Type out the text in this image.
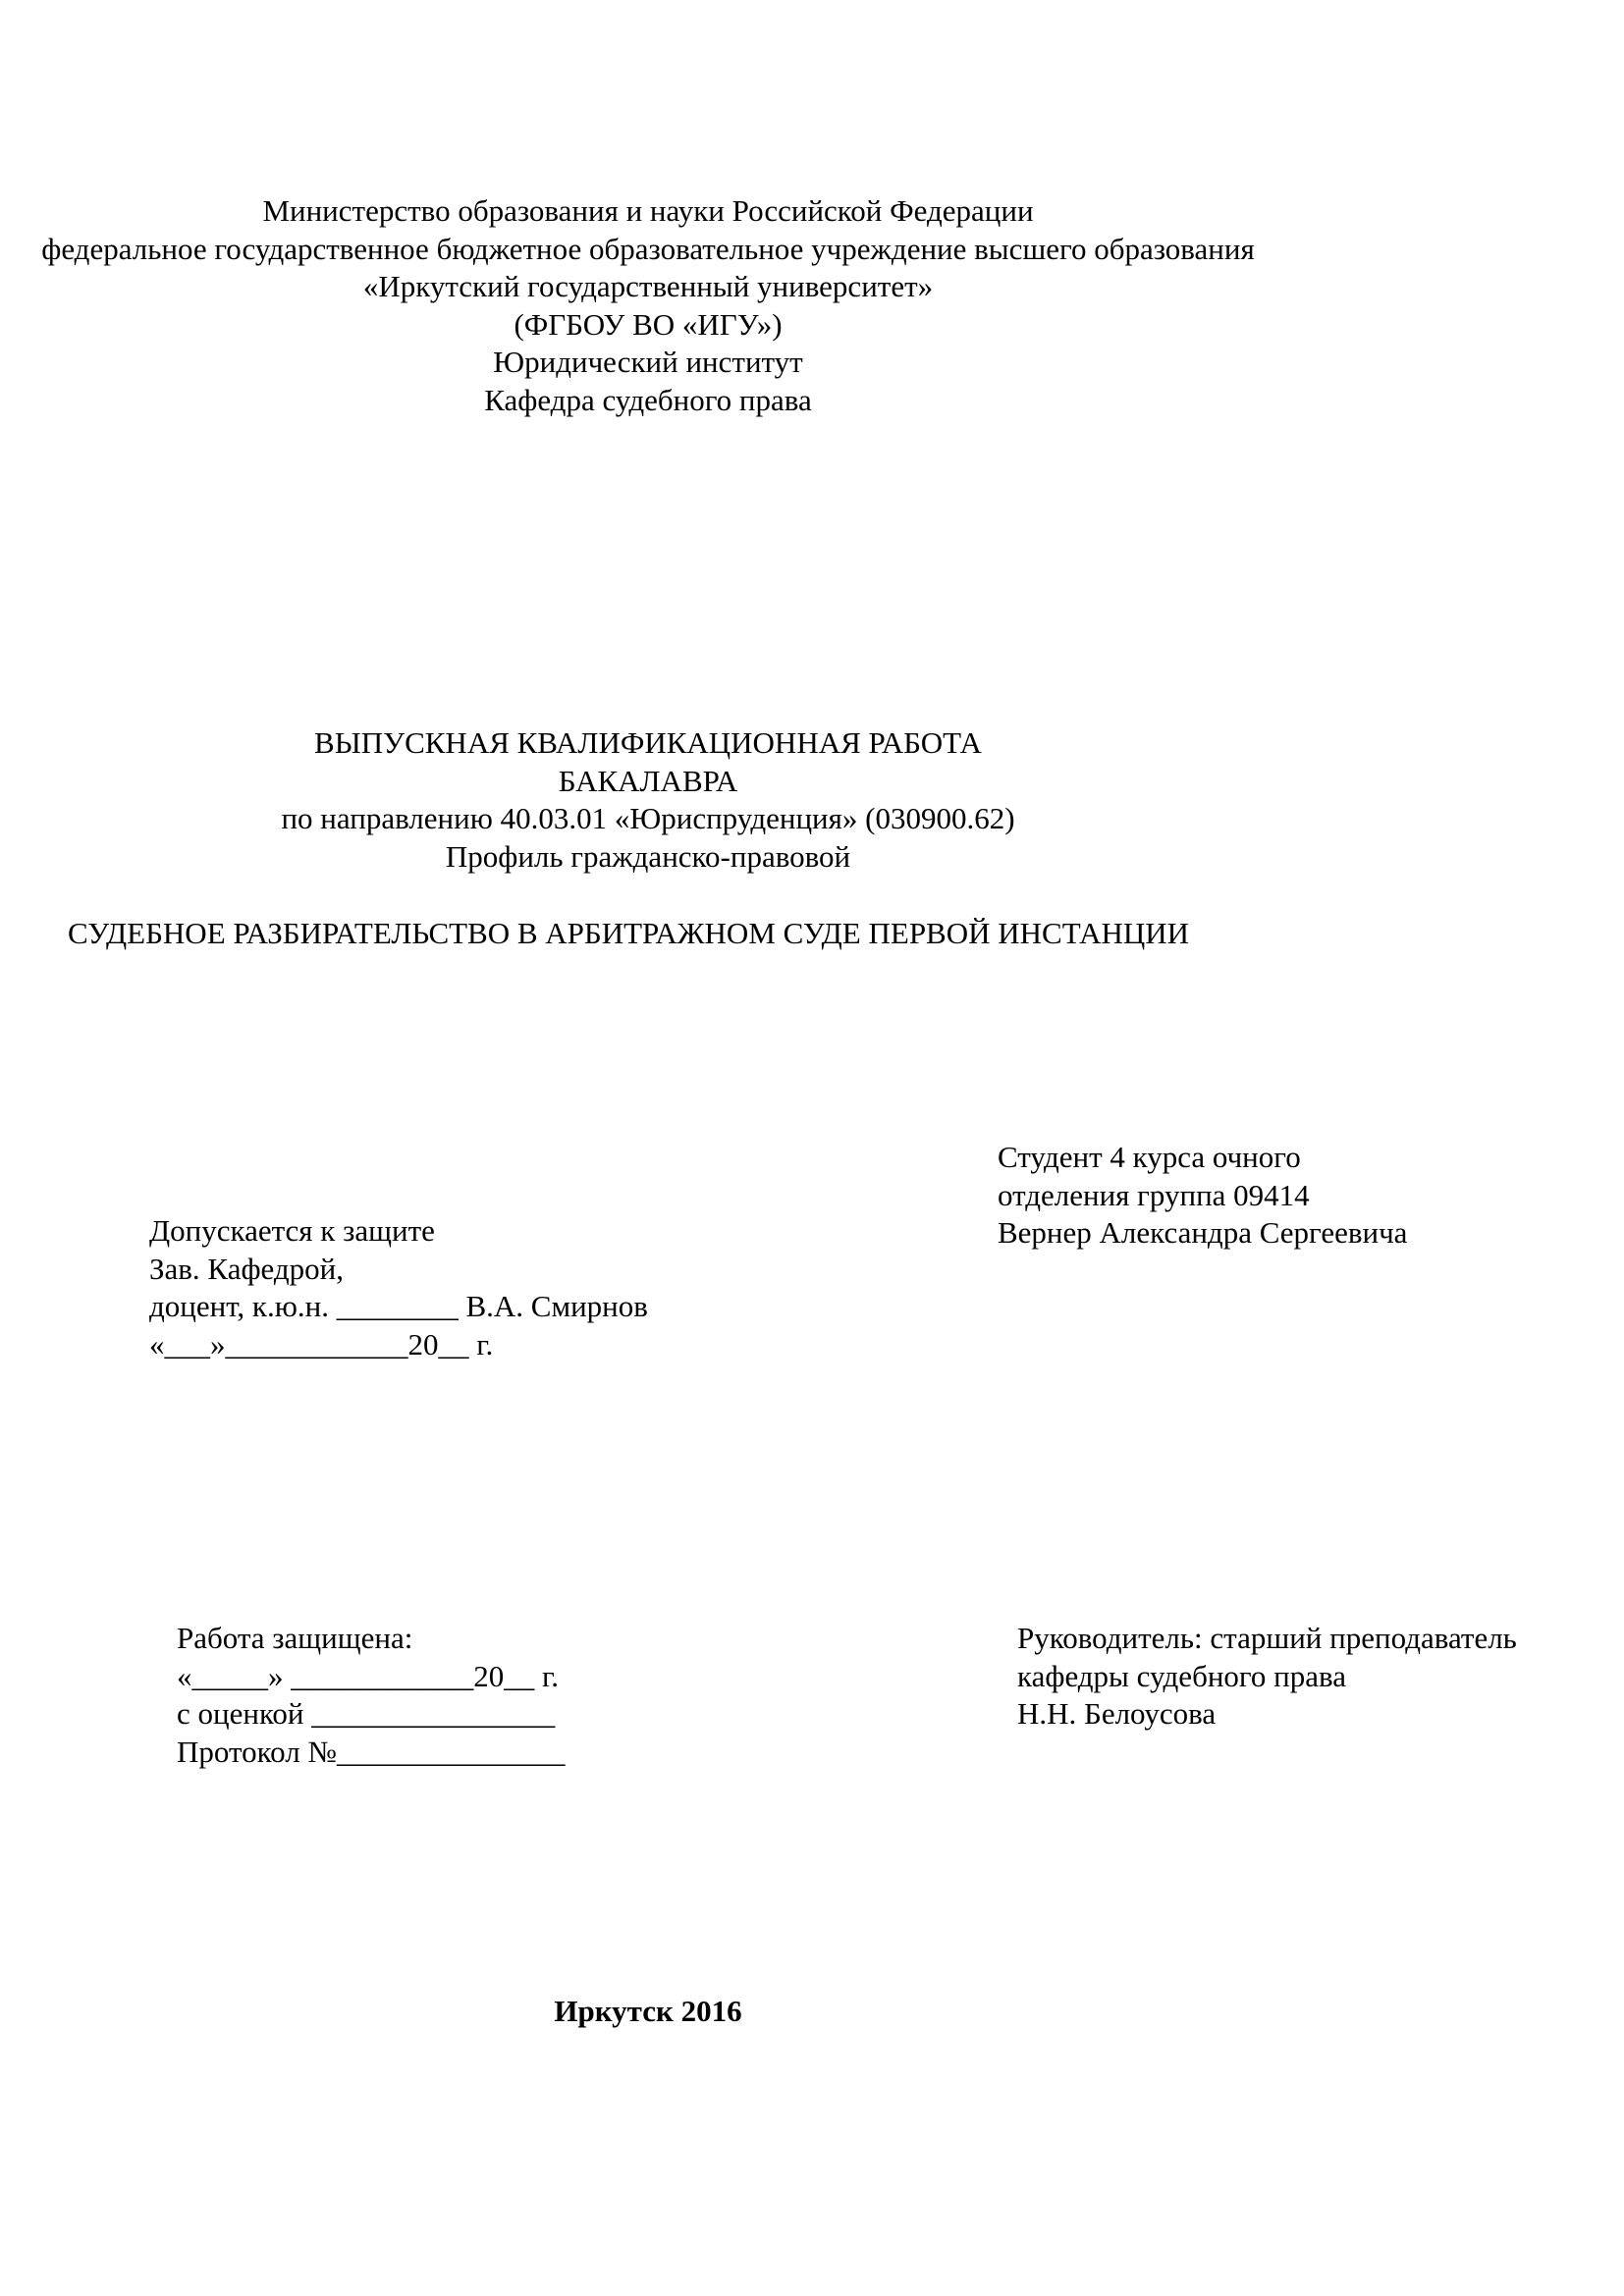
Министерство образования и науки Российской Федерации
федеральное государственное бюджетное образовательное учреждение высшего образования
«Иркутский государственный университет»
(ФГБОУ ВО «ИГУ»)
Юридический институт
Кафедра судебного права
ВЫПУСКНАЯ КВАЛИФИКАЦИОННАЯ РАБОТА
БАКАЛАВРА
по направлению 40.03.01 «Юриспруденция» (030900.62)
Профиль гражданско-правовой
СУДЕБНОЕ РАЗБИРАТЕЛЬСТВО В АРБИТРАЖНОМ СУДЕ ПЕРВОЙ ИНСТАНЦИИ
Студент 4 курса очного
отделения группа 09414
Вернер Александра Сергеевича
Допускается к защите
Зав. Кафедрой,
доцент, к.ю.н. ________ В.А. Смирнов
«___»____________20__ г.
Работа защищена:
«_____» ____________20__ г.
с оценкой ________________
Протокол №_______________
Руководитель: старший преподаватель
кафедры судебного права
Н.Н. Белоусова
Иркутск 2016
